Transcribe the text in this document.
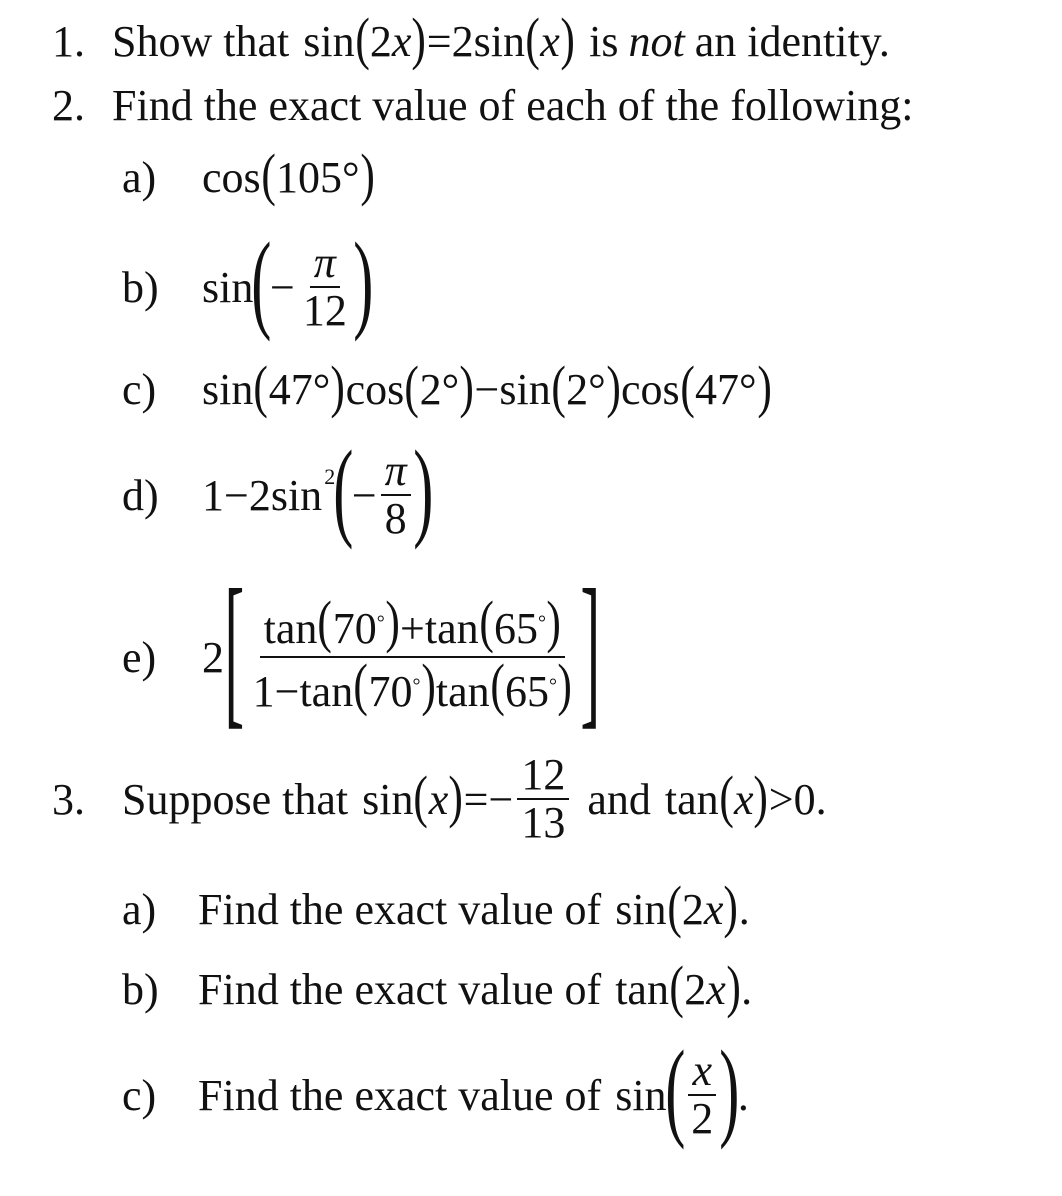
1. Show that sin ( 2 x ) = 2 sin ( x ) is not an identity.
2. Find the exact value of each of the following:
a)	cos ( 105° )
b) sin
(
− $\frac{\pi}{12}$ )
c)	sin ( 47° ) cos ( 2° ) − sin ( 2° ) cos ( 47° )
d) 1 − 2 sin 2
(
− $\frac{\pi}{8}$ )
e)	2 [ $\frac{\tan(70^\circ)+\tan(65^\circ)}{1-\tan(70^\circ)\tan(65^\circ)}$ ]
3. Suppose that sin ( x ) = − $\frac{12}{13}$ and tan ( x ) > 0 .
a) Find the exact value of sin ( 2 x ) .
b) Find the exact value of tan ( 2 x ) .
c) Find the exact value of sin
( $\frac{x}{2}$ )
.
